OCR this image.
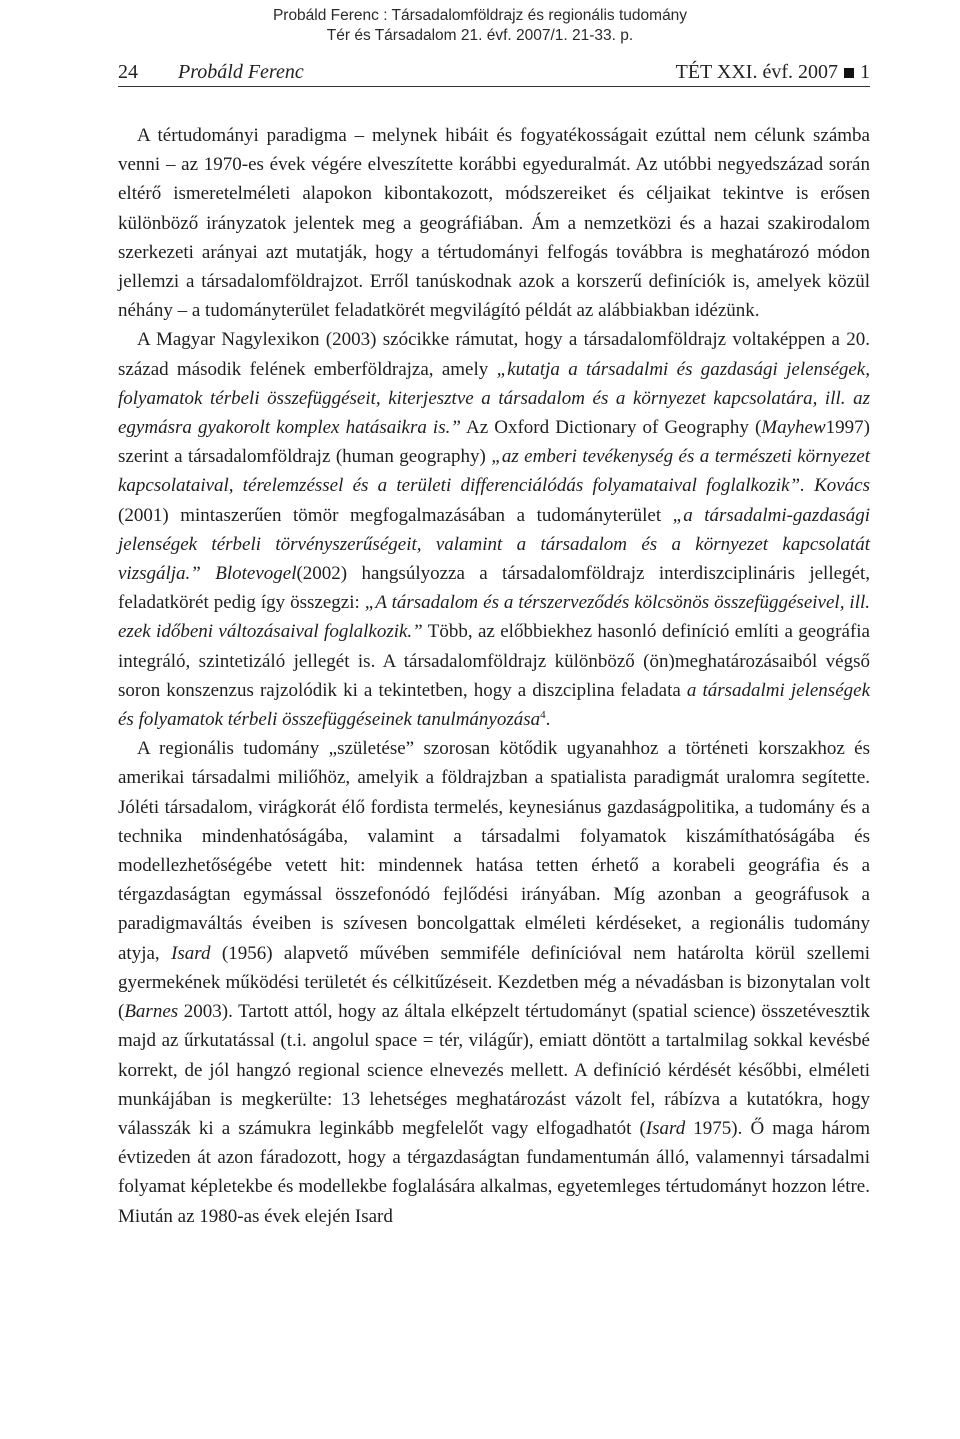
Probáld Ferenc : Társadalomföldrajz és regionális tudomány
Tér és Társadalom 21. évf. 2007/1. 21-33. p.
24 Probáld Ferenc	TÉT XXI. évf. 2007 1

A tértudományi paradigma – melynek hibáit és fogyatékosságait ezúttal nem célunk számba venni – az 1970-es évek végére elveszítette korábbi egyeduralmát. Az utóbbi negyedszázad során eltérő ismeretelméleti alapokon kibontakozott, módszereiket és céljaikat tekintve is erősen különböző irányzatok jelentek meg a geográfiában. Ám a nemzetközi és a hazai szakirodalom szerkezeti arányai azt mutatják, hogy a tértudományi felfogás továbbra is meghatározó módon jellemzi a társadalomföldrajzot. Erről tanúskodnak azok a korszerű definíciók is, amelyek közül néhány – a tudományterület feladatkörét megvilágító példát az alábbiakban idézünk.

A Magyar Nagylexikon (2003) szócikke rámutat, hogy a társadalomföldrajz voltaképpen a 20. század második felének emberföldrajza, amely „kutatja a társadalmi és gazdasági jelenségek, folyamatok térbeli összefüggéseit, kiterjesztve a társadalom és a környezet kapcsolatára, ill. az egymásra gyakorolt komplex hatásaikra is.” Az Oxford Dictionary of Geography (Mayhew1997) szerint a társadalomföldrajz (human geography) „az emberi tevékenység és a természeti környezet kapcsolataival, térelemzéssel és a területi differenciálódás folyamataival foglalkozik”. Kovács (2001) mintaszerűen tömör megfogalmazásában a tudományterület „a társadalmi-gazdasági jelenségek térbeli törvényszerűségeit, valamint a társadalom és a környezet kapcsolatát vizsgálja.” Blotevogel(2002) hangsúlyozza a társadalomföldrajz interdiszciplináris jellegét, feladatkörét pedig így összegzi: „A társadalom és a térszerveződés kölcsönös összefüggéseivel, ill. ezek időbeni változásaival foglalkozik.” Több, az előbbiekhez hasonló definíció említi a geográfia integráló, szintetizáló jellegét is. A társadalomföldrajz különböző (ön)meghatározásaiból végső soron konszenzus rajzolódik ki a tekintetben, hogy a diszciplina feladata a társadalmi jelenségek és folyamatok térbeli összefüggéseinek tanulmányozása$^4$.

A regionális tudomány „születése” szorosan kötődik ugyanahhoz a történeti korszakhoz és amerikai társadalmi miliőhöz, amelyik a földrajzban a spatialista paradigmát uralomra segítette. Jóléti társadalom, virágkorát élő fordista termelés, keynesiánus gazdaságpolitika, a tudomány és a technika mindenhatóságába, valamint a társadalmi folyamatok kiszámíthatóságába és modellezhetőségébe vetett hit: mindennek hatása tetten érhető a korabeli geográfia és a térgazdaságtan egymással összefonódó fejlődési irányában. Míg azonban a geográfusok a paradigmaváltás éveiben is szívesen boncolgattak elméleti kérdéseket, a regionális tudomány atyja, Isard (1956) alapvető művében semmiféle definícióval nem határolta körül szellemi gyermekének működési területét és célkitűzéseit. Kezdetben még a névadásban is bizonytalan volt (Barnes 2003). Tartott attól, hogy az általa elképzelt tértudományt (spatial science) összetévesztik majd az űrkutatással (t.i. angolul space = tér, világűr), emiatt döntött a tartalmilag sokkal kevésbé korrekt, de jól hangzó regional science elnevezés mellett. A definíció kérdését későbbi, elméleti munkájában is megkerülte: 13 lehetséges meghatározást vázolt fel, rábízva a kutatókra, hogy válasszák ki a számukra leginkább megfelelőt vagy elfogadhatót (Isard 1975). Ő maga három évtizeden át azon fáradozott, hogy a térgazdaságtan fundamentumán álló, valamennyi társadalmi folyamat képletekbe és modellekbe foglalására alkalmas, egyetemleges tértudományt hozzon létre. Miután az 1980-as évek elején Isard
